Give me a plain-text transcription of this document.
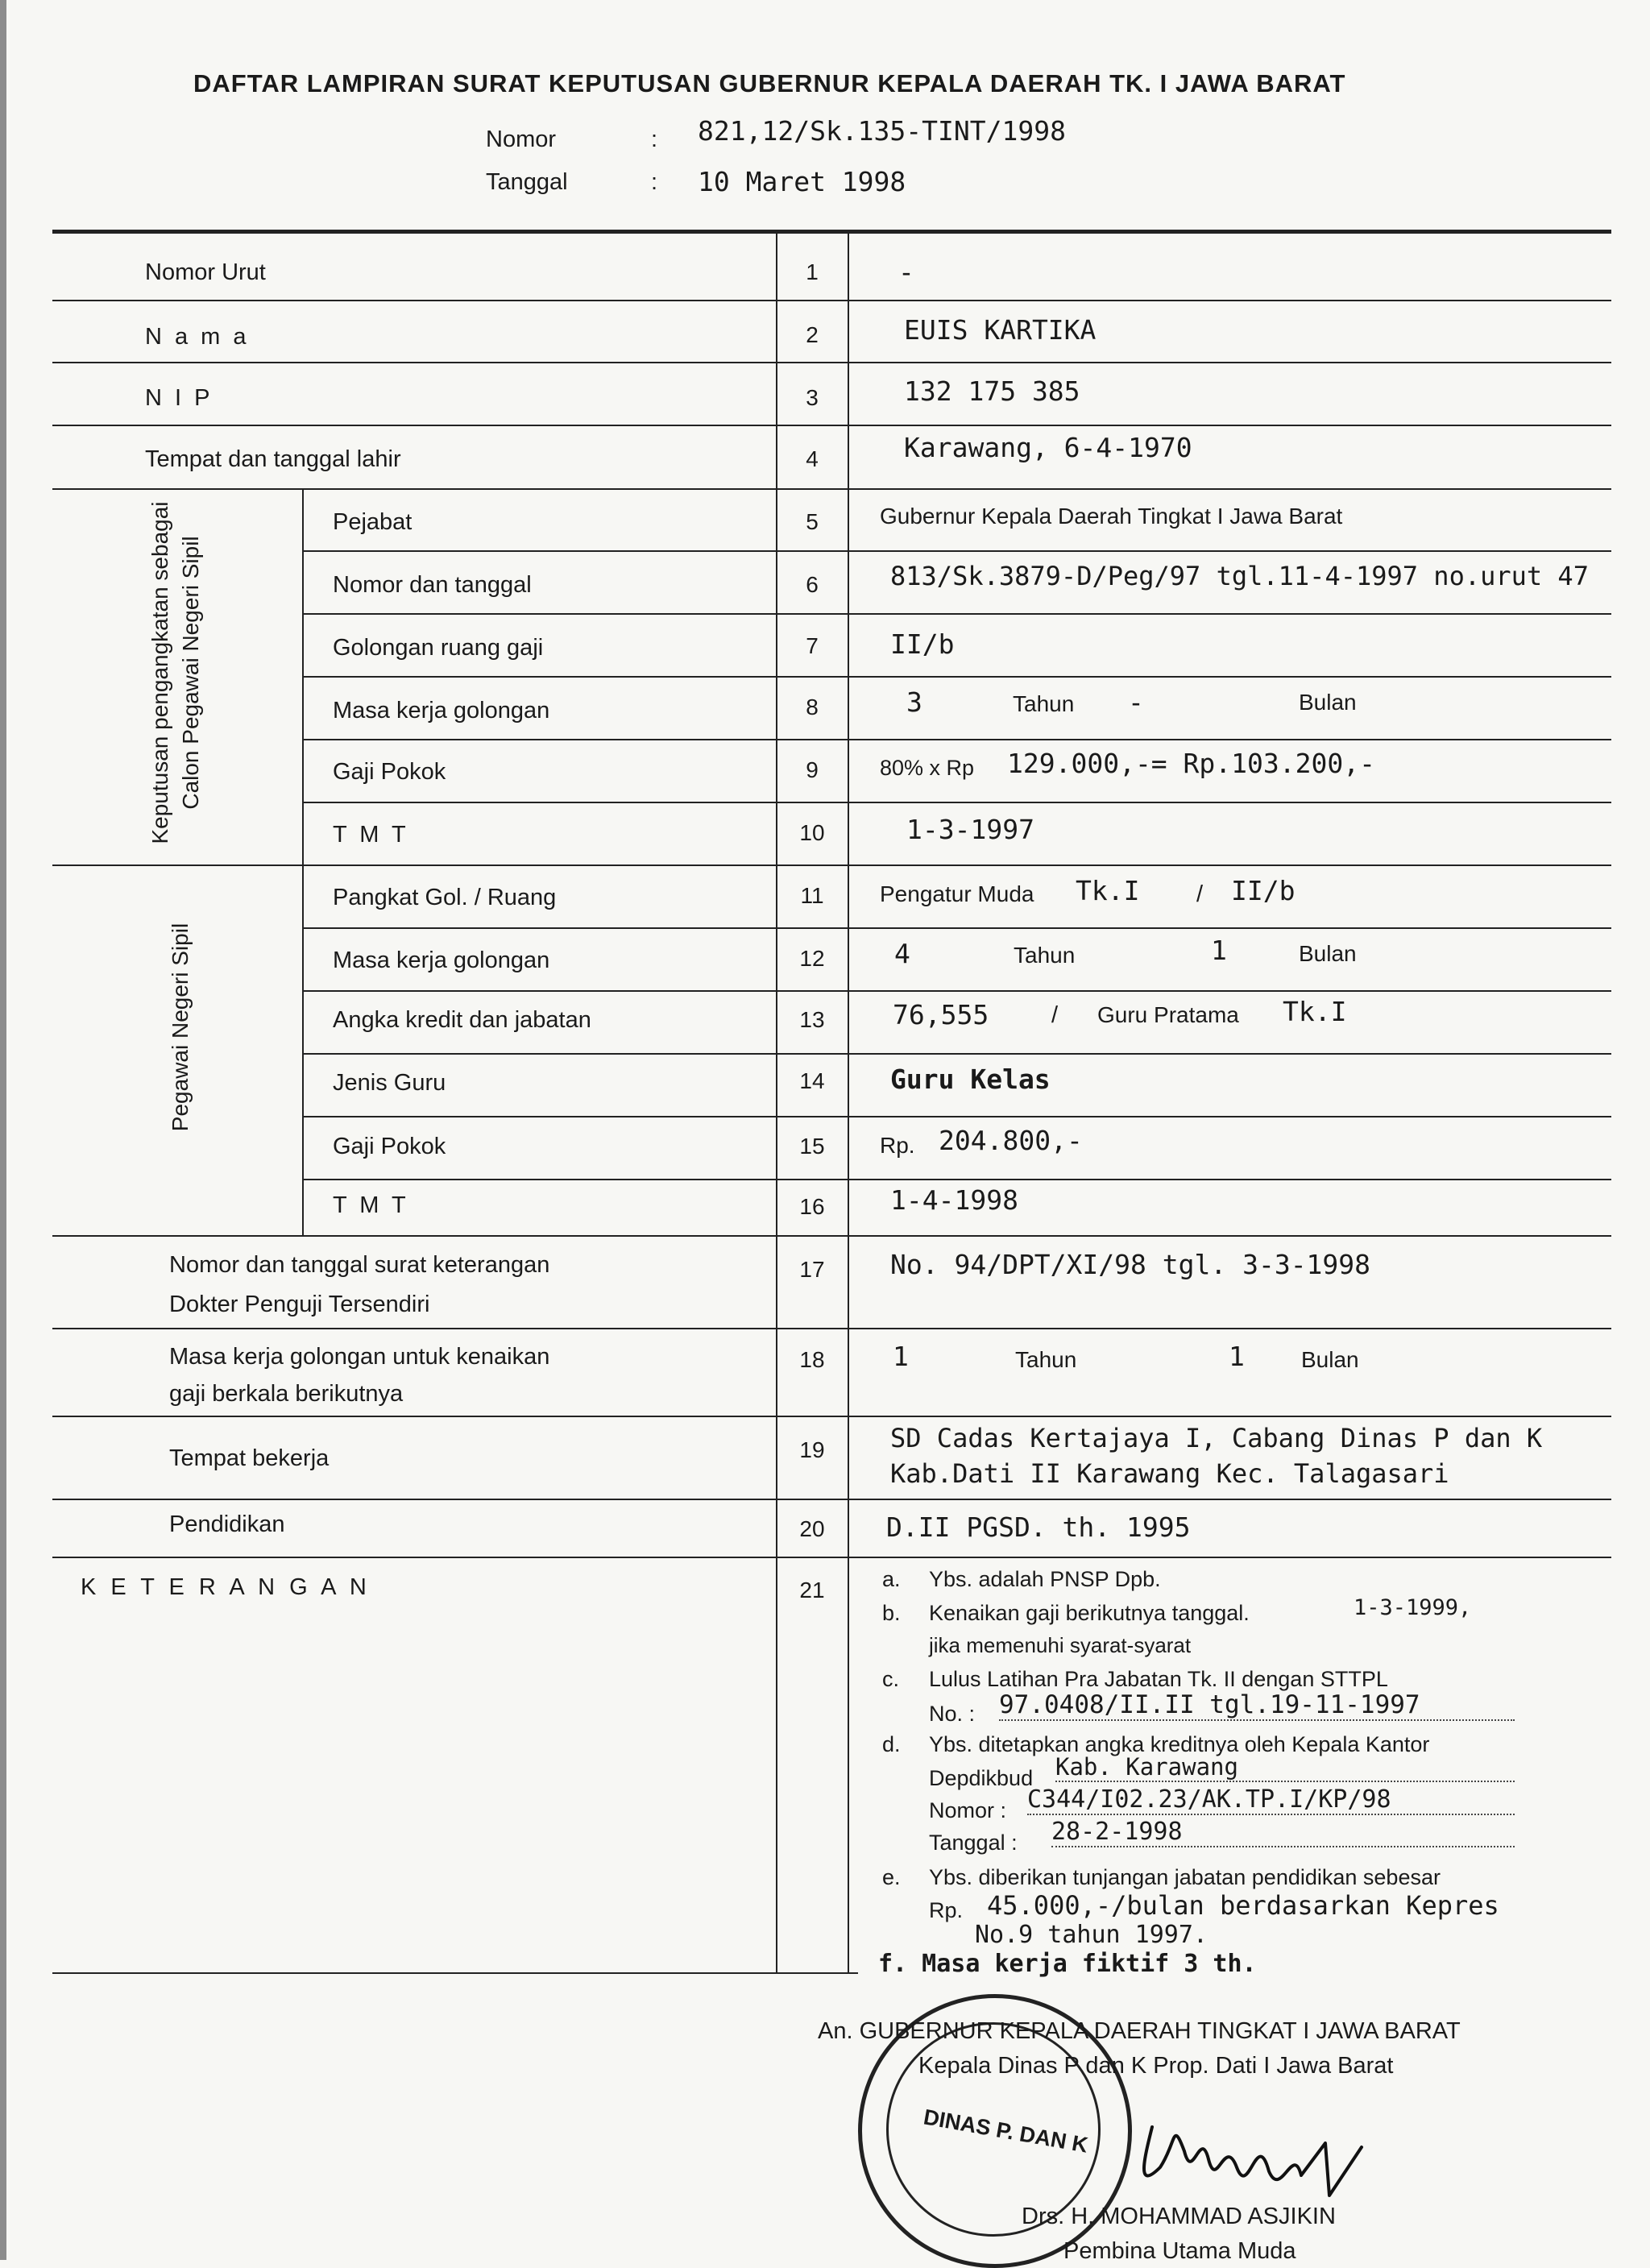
DAFTAR LAMPIRAN SURAT KEPUTUSAN GUBERNUR KEPALA DAERAH TK. I JAWA BARAT
Nomor	: 821,12/Sk.135-TINT/1998
Tanggal	: 10 Maret 1998
Nomor Urut	1	-
N a m a	2	EUIS KARTIKA
N I P	3	132 175 385
Tempat dan tanggal lahir	4	Karawang, 6-4-1970
Keputusan pengangkatan sebagai Calon Pegawai Negeri Sipil
Pejabat	5	Gubernur Kepala Daerah Tingkat I Jawa Barat
Nomor dan tanggal	6	813/Sk.3879-D/Peg/97 tgl.11-4-1997 no.urut 47
Golongan ruang gaji	7	II/b
Masa kerja golongan	8	3	Tahun -	Bulan
Gaji Pokok	9	80% x Rp 129.000,-= Rp.103.200,-
T M T	10	1-3-1997
Pegawai Negeri Sipil
Pangkat Gol. / Ruang	11	Pengatur Muda Tk.I / II/b
Masa kerja golongan	12	4	Tahun	1	Bulan
Angka kredit dan jabatan	13	76,555	/ Guru Pratama Tk.I
Jenis Guru	14	Guru Kelas
Gaji Pokok	15	Rp. 204.800,-
T M T	16	1-4-1998
Nomor dan tanggal surat keterangan
Dokter Penguji Tersendiri
17	No. 94/DPT/XI/98 tgl. 3-3-1998
Masa kerja golongan untuk kenaikan
gaji berkala berikutnya
18	1	Tahun	1	Bulan
Tempat bekerja	19	SD Cadas Kertajaya I, Cabang Dinas P dan K
Kab.Dati II Karawang Kec. Talagasari
Pendidikan	20	D.II PGSD. th. 1995
K E T E R A N G A N	21	a. Ybs. adalah PNSP Dpb.
b. Kenaikan gaji berikutnya tanggal.	1-3-1999,
jika memenuhi syarat-syarat
c. Lulus Latihan Pra Jabatan Tk. II dengan STTPL
No. : 97.0408/II.II tgl.19-11-1997
d. Ybs. ditetapkan angka kreditnya oleh Kepala Kantor
Depdikbud Kab. Karawang
Nomor : C344/I02.23/AK.TP.I/KP/98
Tanggal : 28-2-1998
e. Ybs. diberikan tunjangan jabatan pendidikan sebesar
Rp. 45.000,-/bulan berdasarkan Kepres
No.9 tahun 1997.
f. Masa kerja fiktif 3 th.
DINAS P. DAN K
An. GUBERNUR KEPALA DAERAH TINGKAT I JAWA BARAT
Kepala Dinas P dan K Prop. Dati I Jawa Barat
Drs. H. MOHAMMAD ASJIKIN
Pembina Utama Muda
